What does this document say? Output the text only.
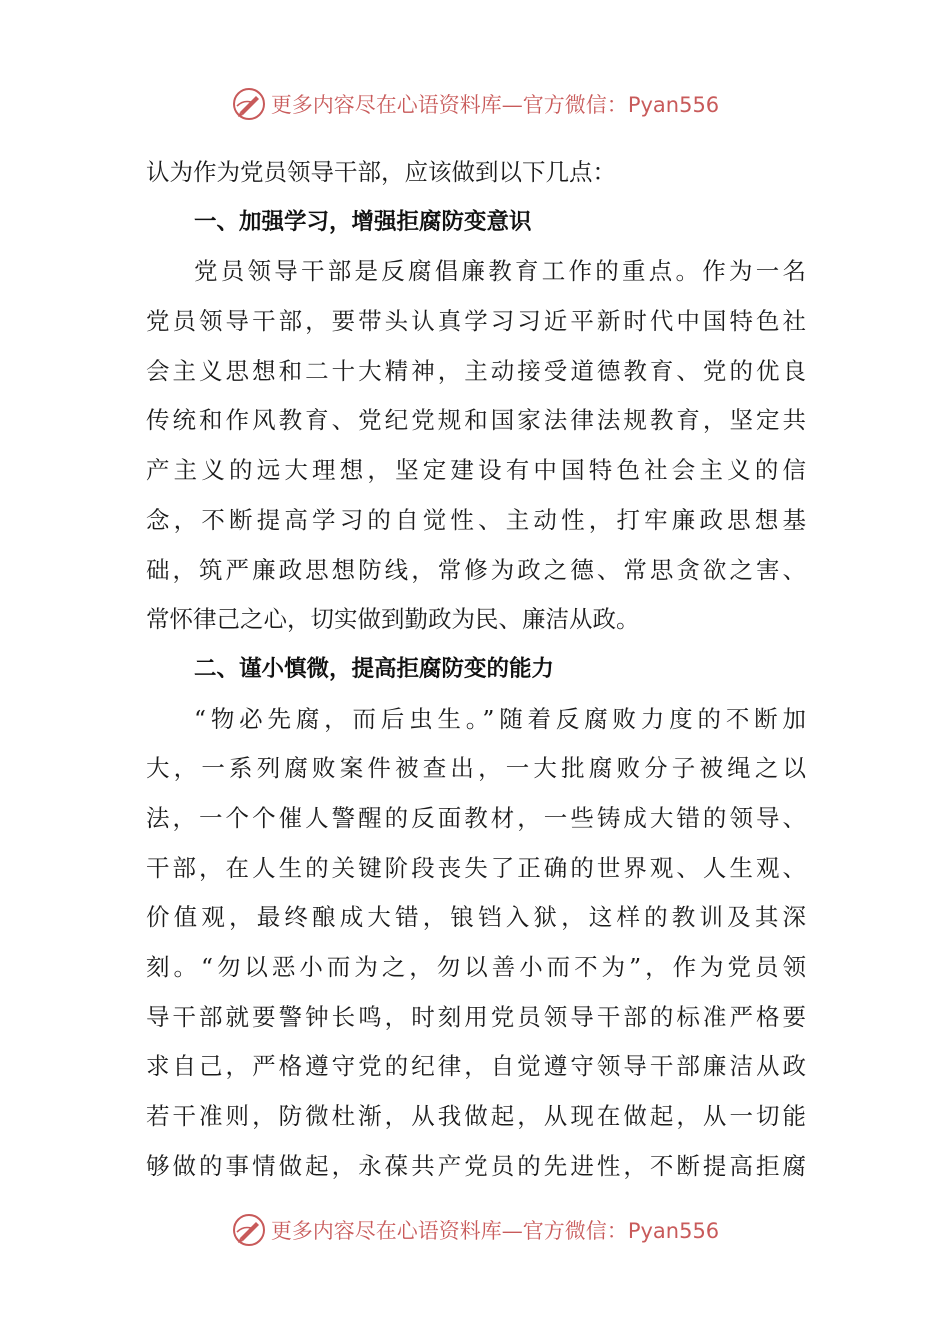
更多内容尽在心语资料库—官方微信：Pyan556
认为作为党员领导干部，应该做到以下几点：
一、加强学习，增强拒腐防变意识
党员领导干部是反腐倡廉教育工作的重点。作为一名
党员领导干部，要带头认真学习习近平新时代中国特色社
会主义思想和二十大精神，主动接受道德教育、党的优良
传统和作风教育、党纪党规和国家法律法规教育，坚定共
产主义的远大理想，坚定建设有中国特色社会主义的信
念，不断提高学习的自觉性、主动性，打牢廉政思想基
础，筑严廉政思想防线，常修为政之德、常思贪欲之害、
常怀律己之心，切实做到勤政为民、廉洁从政。
二、谨小慎微，提高拒腐防变的能力
“物必先腐，而后虫生。”随着反腐败力度的不断加
大，一系列腐败案件被查出，一大批腐败分子被绳之以
法，一个个催人警醒的反面教材，一些铸成大错的领导、
干部，在人生的关键阶段丧失了正确的世界观、人生观、
价值观，最终酿成大错，锒铛入狱，这样的教训及其深
刻。“勿以恶小而为之，勿以善小而不为”，作为党员领
导干部就要警钟长鸣，时刻用党员领导干部的标准严格要
求自己，严格遵守党的纪律，自觉遵守领导干部廉洁从政
若干准则，防微杜渐，从我做起，从现在做起，从一切能
够做的事情做起，永葆共产党员的先进性，不断提高拒腐
更多内容尽在心语资料库—官方微信：Pyan556
